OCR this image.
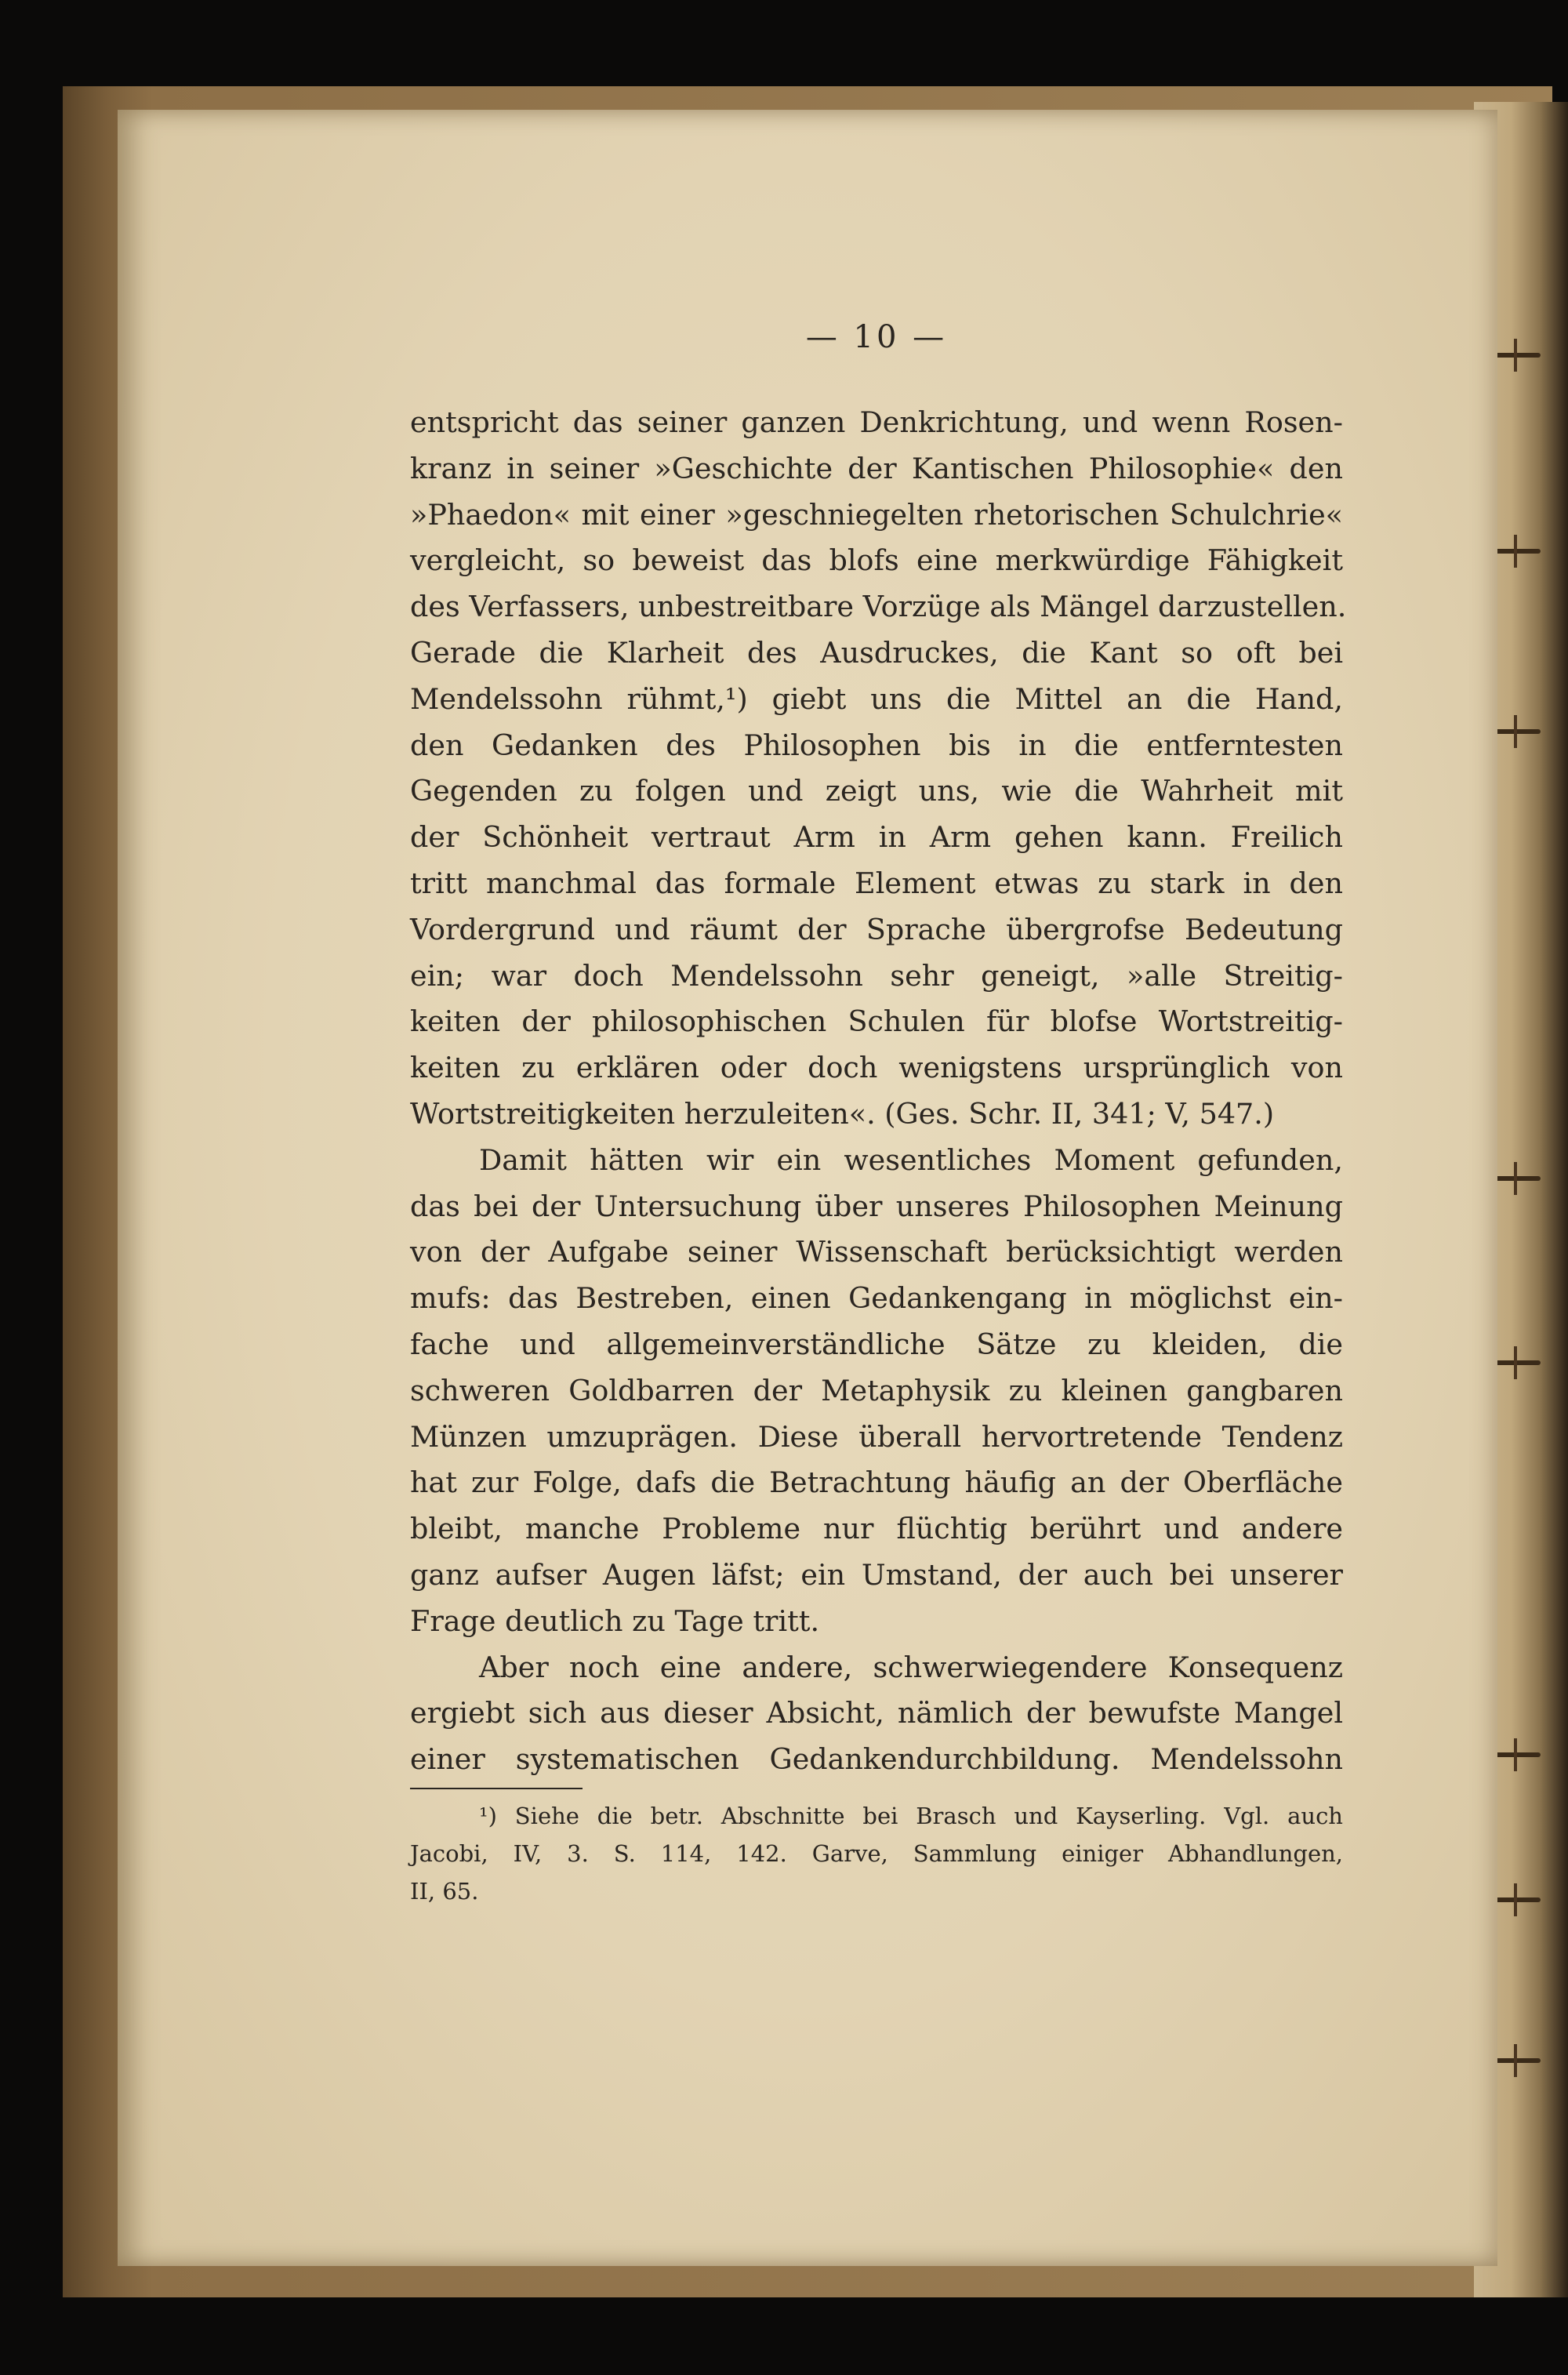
— 10 —
entspricht das seiner ganzen Denkrichtung, und wenn Rosen-
kranz in seiner »Geschichte der Kantischen Philosophie« den
»Phaedon« mit einer »geschniegelten rhetorischen Schulchrie«
vergleicht, so beweist das blofs eine merkwürdige Fähigkeit
des Verfassers, unbestreitbare Vorzüge als Mängel darzustellen.
Gerade die Klarheit des Ausdruckes, die Kant so oft bei
Mendelssohn rühmt,¹) giebt uns die Mittel an die Hand,
den Gedanken des Philosophen bis in die entferntesten
Gegenden zu folgen und zeigt uns, wie die Wahrheit mit
der Schönheit vertraut Arm in Arm gehen kann. Freilich
tritt manchmal das formale Element etwas zu stark in den
Vordergrund und räumt der Sprache übergrofse Bedeutung
ein; war doch Mendelssohn sehr geneigt, »alle Streitig-
keiten der philosophischen Schulen für blofse Wortstreitig-
keiten zu erklären oder doch wenigstens ursprünglich von
Wortstreitigkeiten herzuleiten«. (Ges. Schr. II, 341; V, 547.)
Damit hätten wir ein wesentliches Moment gefunden,
das bei der Untersuchung über unseres Philosophen Meinung
von der Aufgabe seiner Wissenschaft berücksichtigt werden
mufs: das Bestreben, einen Gedankengang in möglichst ein-
fache und allgemeinverständliche Sätze zu kleiden, die
schweren Goldbarren der Metaphysik zu kleinen gangbaren
Münzen umzuprägen. Diese überall hervortretende Tendenz
hat zur Folge, dafs die Betrachtung häufig an der Oberfläche
bleibt, manche Probleme nur flüchtig berührt und andere
ganz aufser Augen läfst; ein Umstand, der auch bei unserer
Frage deutlich zu Tage tritt.
Aber noch eine andere, schwerwiegendere Konsequenz
ergiebt sich aus dieser Absicht, nämlich der bewufste Mangel
einer systematischen Gedankendurchbildung. Mendelssohn
¹) Siehe die betr. Abschnitte bei Brasch und Kayserling. Vgl. auch
Jacobi, IV, 3. S. 114, 142. Garve, Sammlung einiger Abhandlungen,
II, 65.
